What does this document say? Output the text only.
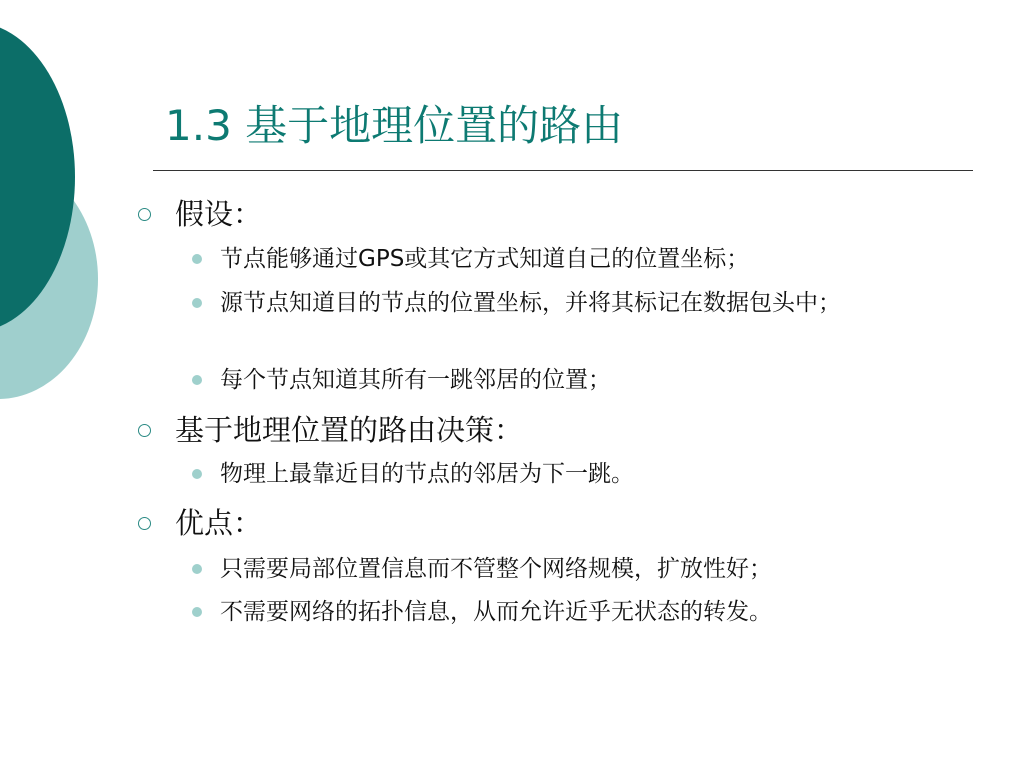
1.3 基于地理位置的路由
假设：
节点能够通过GPS或其它方式知道自己的位置坐标；
源节点知道目的节点的位置坐标，并将其标记在数据包头中；
每个节点知道其所有一跳邻居的位置；
基于地理位置的路由决策：
物理上最靠近目的节点的邻居为下一跳。
优点：
只需要局部位置信息而不管整个网络规模，扩放性好；
不需要网络的拓扑信息，从而允许近乎无状态的转发。
